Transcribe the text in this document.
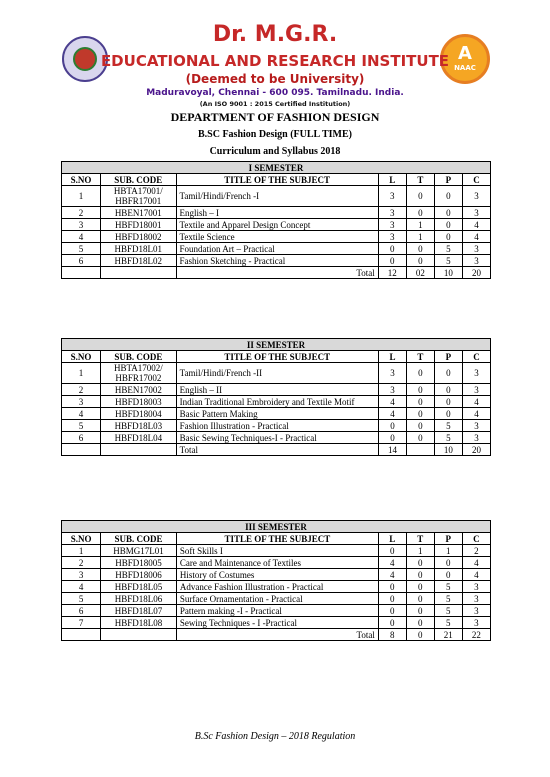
A
NAAC
Dr. M.G.R.
EDUCATIONAL AND RESEARCH INSTITUTE
(Deemed to be University)
Maduravoyal, Chennai - 600 095. Tamilnadu. India.
(An ISO 9001 : 2015 Certified Institution)
DEPARTMENT OF FASHION DESIGN
B.SC Fashion Design (FULL TIME)
Curriculum and Syllabus 2018
I SEMESTER						
S.NO	SUB. CODE	TITLE OF THE SUBJECT	L	T	P	C
1	HBTA17001/ HBFR17001	Tamil/Hindi/French -I	3	0	0	3
2	HBEN17001	English – I	3	0	0	3
3	HBFD18001	Textile and Apparel Design Concept	3	1	0	4
4	HBFD18002	Textile Science	3	1	0	4
5	HBFD18L01	Foundation Art – Practical	0	0	5	3
6	HBFD18L02	Fashion Sketching - Practical	0	0	5	3
		Total	12	02	10	20
II SEMESTER						
S.NO	SUB. CODE	TITLE OF THE SUBJECT	L	T	P	C
1	HBTA17002/ HBFR17002	Tamil/Hindi/French -II	3	0	0	3
2	HBEN17002	English – II	3	0	0	3
3	HBFD18003	Indian Traditional Embroidery and Textile Motif	4	0	0	4
4	HBFD18004	Basic Pattern Making	4	0	0	4
5	HBFD18L03	Fashion Illustration - Practical	0	0	5	3
6	HBFD18L04	Basic Sewing Techniques-I - Practical	0	0	5	3
		Total	14		10	20
III SEMESTER						
S.NO	SUB. CODE	TITLE OF THE SUBJECT	L	T	P	C
1	HBMG17L01	Soft Skills I	0	1	1	2
2	HBFD18005	Care and Maintenance of Textiles	4	0	0	4
3	HBFD18006	History of Costumes	4	0	0	4
4	HBFD18L05	Advance Fashion Illustration - Practical	0	0	5	3
5	HBFD18L06	Surface Ornamentation - Practical	0	0	5	3
6	HBFD18L07	Pattern making -I - Practical	0	0	5	3
7	HBFD18L08	Sewing Techniques - I -Practical	0	0	5	3
		Total	8	0	21	22
B.Sc Fashion Design – 2018 Regulation
